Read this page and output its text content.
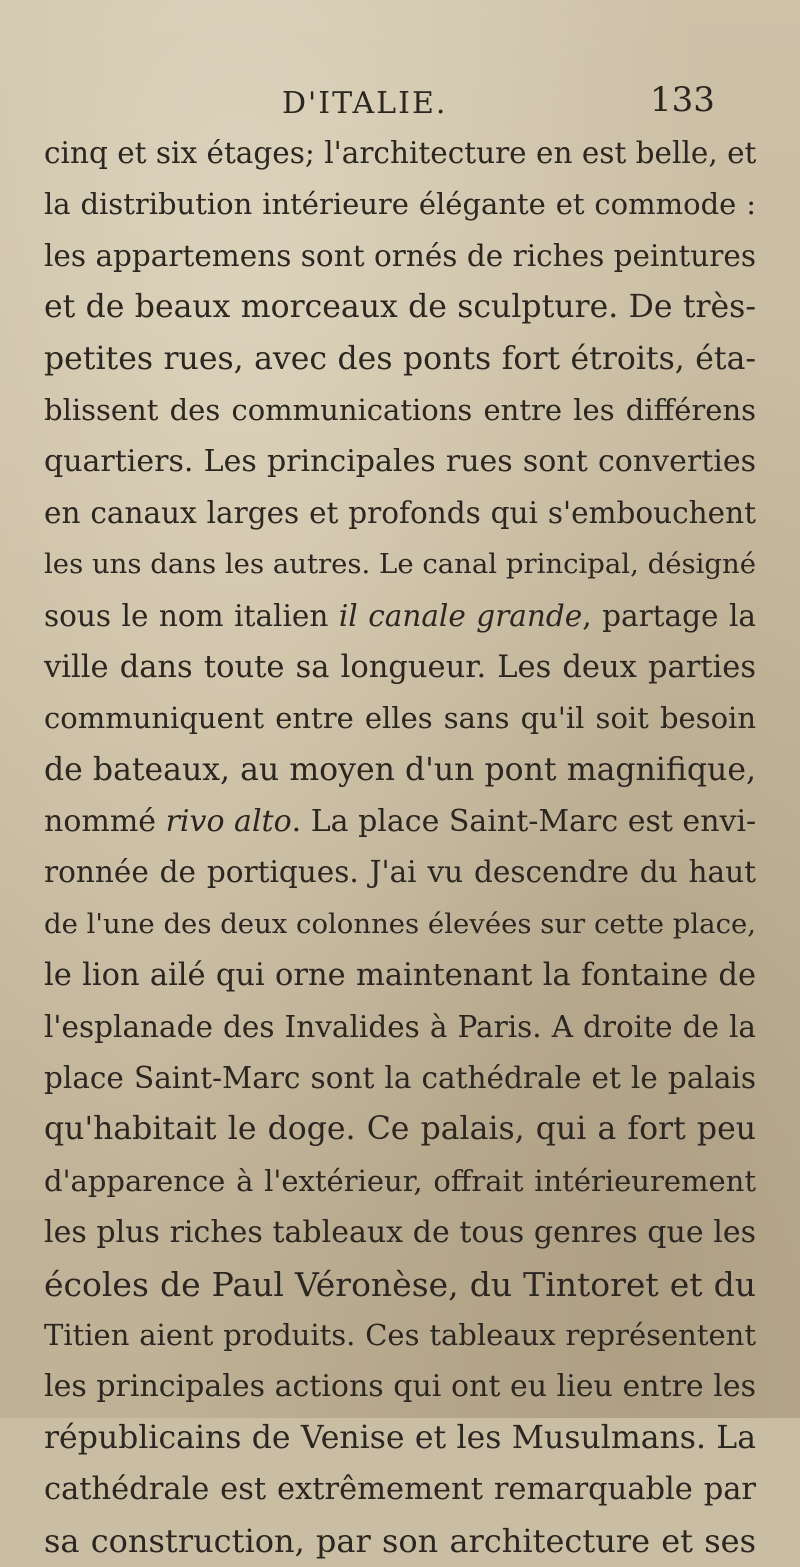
D'ITALIE.	133
cinq et six étages; l'architecture en est belle, et
la distribution intérieure élégante et commode :
les appartemens sont ornés de riches peintures
et de beaux morceaux de sculpture. De très-
petites rues, avec des ponts fort étroits, éta-
blissent des communications entre les différens
quartiers. Les principales rues sont converties
en canaux larges et profonds qui s'embouchent
les uns dans les autres. Le canal principal, désigné
sous le nom italien il canale grande, partage la
ville dans toute sa longueur. Les deux parties
communiquent entre elles sans qu'il soit besoin
de bateaux, au moyen d'un pont magnifique,
nommé rivo alto. La place Saint-Marc est envi-
ronnée de portiques. J'ai vu descendre du haut
de l'une des deux colonnes élevées sur cette place,
le lion ailé qui orne maintenant la fontaine de
l'esplanade des Invalides à Paris. A droite de la
place Saint-Marc sont la cathédrale et le palais
qu'habitait le doge. Ce palais, qui a fort peu
d'apparence à l'extérieur, offrait intérieurement
les plus riches tableaux de tous genres que les
écoles de Paul Véronèse, du Tintoret et du
Titien aient produits. Ces tableaux représentent
les principales actions qui ont eu lieu entre les
républicains de Venise et les Musulmans. La
cathédrale est extrêmement remarquable par
sa construction, par son architecture et ses
